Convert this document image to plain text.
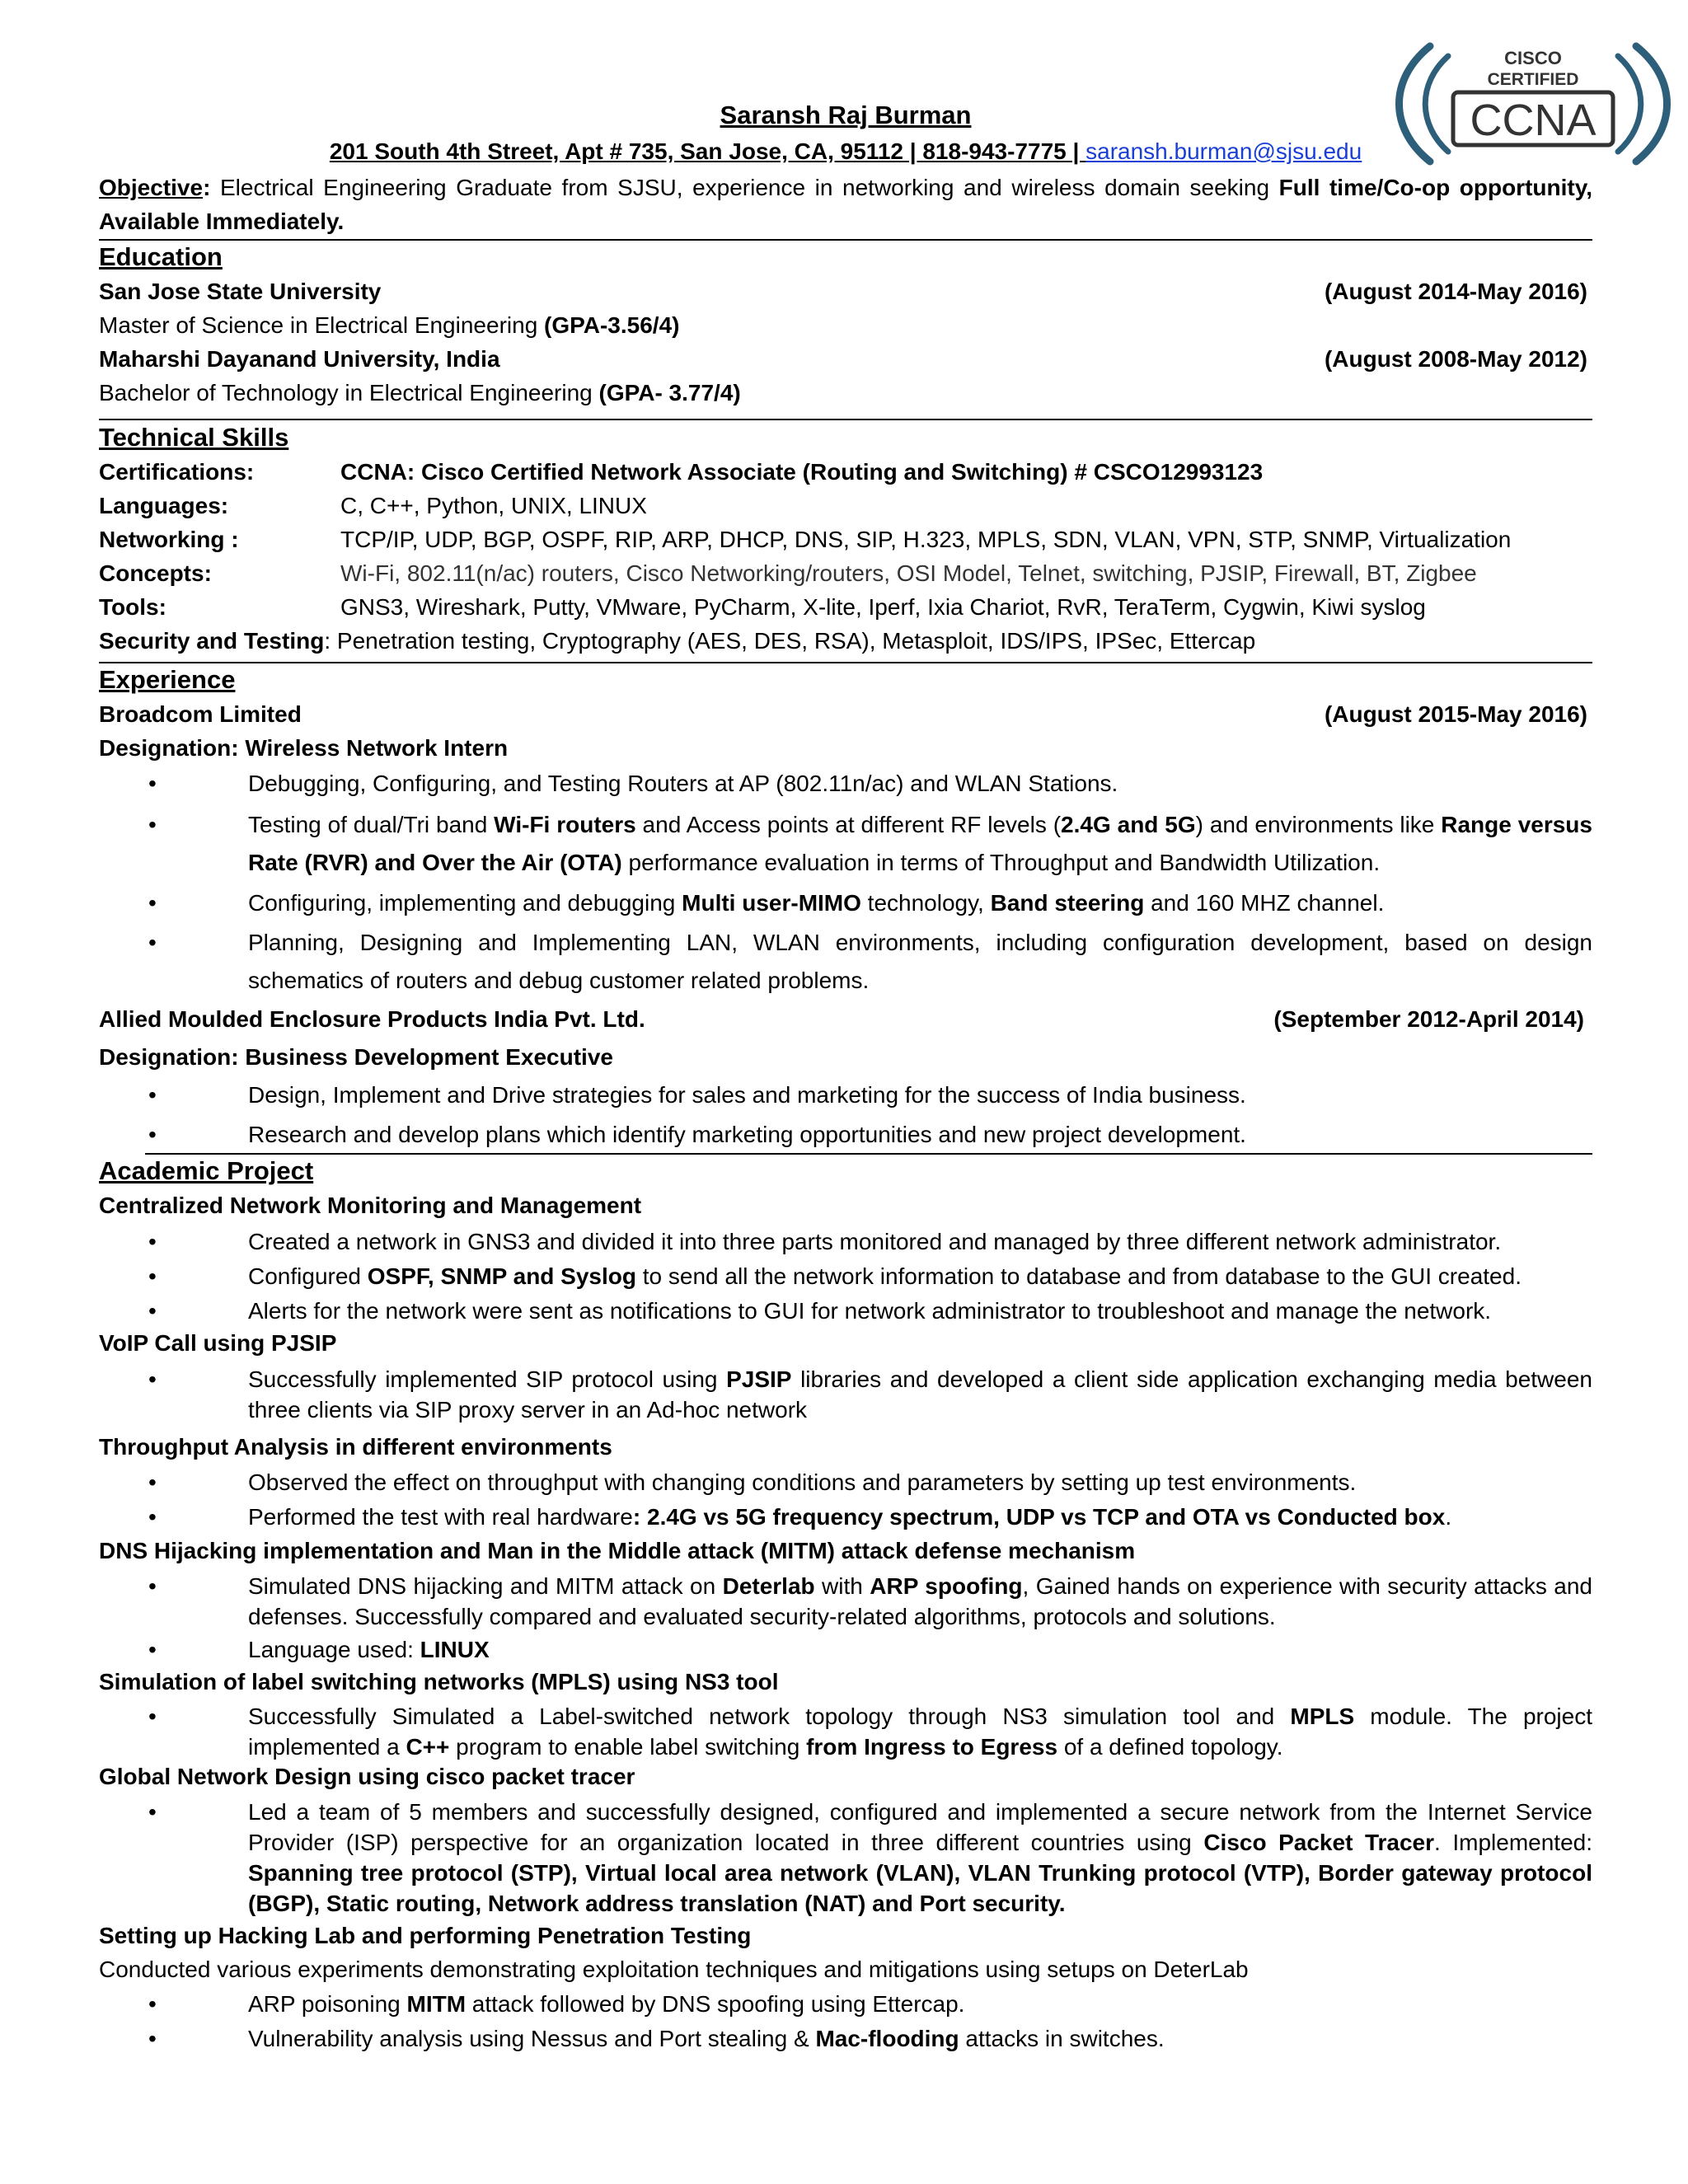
CISCO
CERTIFIED
CCNA
Saransh Raj Burman
201 South 4th Street, Apt # 735, San Jose, CA, 95112 | 818-943-7775 | saransh.burman@sjsu.edu
Objective: Electrical Engineering Graduate from SJSU, experience in networking and wireless domain seeking Full time/Co-op opportunity, Available Immediately.
Education
San Jose State University	(August 2014-May 2016)
Master of Science in Electrical Engineering (GPA-3.56/4)
Maharshi Dayanand University, India	(August 2008-May 2012)
Bachelor of Technology in Electrical Engineering (GPA- 3.77/4)
Technical Skills
Certifications:	CCNA: Cisco Certified Network Associate (Routing and Switching) # CSCO12993123
Languages:	C, C++, Python, UNIX, LINUX
Networking :	TCP/IP, UDP, BGP, OSPF, RIP, ARP, DHCP, DNS, SIP, H.323, MPLS, SDN, VLAN, VPN, STP, SNMP, Virtualization
Concepts:	Wi-Fi, 802.11(n/ac) routers, Cisco Networking/routers, OSI Model, Telnet, switching, PJSIP, Firewall, BT, Zigbee
Tools:	GNS3, Wireshark, Putty, VMware, PyCharm, X-lite, Iperf, Ixia Chariot, RvR, TeraTerm, Cygwin, Kiwi syslog
Security and Testing: Penetration testing, Cryptography (AES, DES, RSA), Metasploit, IDS/IPS, IPSec, Ettercap
Experience
Broadcom Limited	(August 2015-May 2016)
Designation: Wireless Network Intern
•	Debugging, Configuring, and Testing Routers at AP (802.11n/ac) and WLAN Stations.
•	Testing of dual/Tri band Wi-Fi routers and Access points at different RF levels (2.4G and 5G) and environments like Range versus Rate (RVR) and Over the Air (OTA) performance evaluation in terms of Throughput and Bandwidth Utilization.
•	Configuring, implementing and debugging Multi user-MIMO technology, Band steering and 160 MHZ channel.
•	Planning, Designing and Implementing LAN, WLAN environments, including configuration development, based on design schematics of routers and debug customer related problems.
Allied Moulded Enclosure Products India Pvt. Ltd.	(September 2012-April 2014)
Designation: Business Development Executive
•	Design, Implement and Drive strategies for sales and marketing for the success of India business.
•	Research and develop plans which identify marketing opportunities and new project development.
Academic Project
Centralized Network Monitoring and Management
•	Created a network in GNS3 and divided it into three parts monitored and managed by three different network administrator.
•	Configured OSPF, SNMP and Syslog to send all the network information to database and from database to the GUI created.
•	Alerts for the network were sent as notifications to GUI for network administrator to troubleshoot and manage the network.
VoIP Call using PJSIP
•	Successfully implemented SIP protocol using PJSIP libraries and developed a client side application exchanging media between three clients via SIP proxy server in an Ad-hoc network
Throughput Analysis in different environments
•	Observed the effect on throughput with changing conditions and parameters by setting up test environments.
•	Performed the test with real hardware: 2.4G vs 5G frequency spectrum, UDP vs TCP and OTA vs Conducted box.
DNS Hijacking implementation and Man in the Middle attack (MITM) attack defense mechanism
•	Simulated DNS hijacking and MITM attack on Deterlab with ARP spoofing, Gained hands on experience with security attacks and defenses. Successfully compared and evaluated security-related algorithms, protocols and solutions.
•	Language used: LINUX
Simulation of label switching networks (MPLS) using NS3 tool
•	Successfully Simulated a Label-switched network topology through NS3 simulation tool and MPLS module. The project implemented a C++ program to enable label switching from Ingress to Egress of a defined topology.
Global Network Design using cisco packet tracer
•	Led a team of 5 members and successfully designed, configured and implemented a secure network from the Internet Service Provider (ISP) perspective for an organization located in three different countries using Cisco Packet Tracer. Implemented: Spanning tree protocol (STP), Virtual local area network (VLAN), VLAN Trunking protocol (VTP), Border gateway protocol (BGP), Static routing, Network address translation (NAT) and Port security.
Setting up Hacking Lab and performing Penetration Testing
Conducted various experiments demonstrating exploitation techniques and mitigations using setups on DeterLab
•	ARP poisoning MITM attack followed by DNS spoofing using Ettercap.
•	Vulnerability analysis using Nessus and Port stealing & Mac-flooding attacks in switches.
